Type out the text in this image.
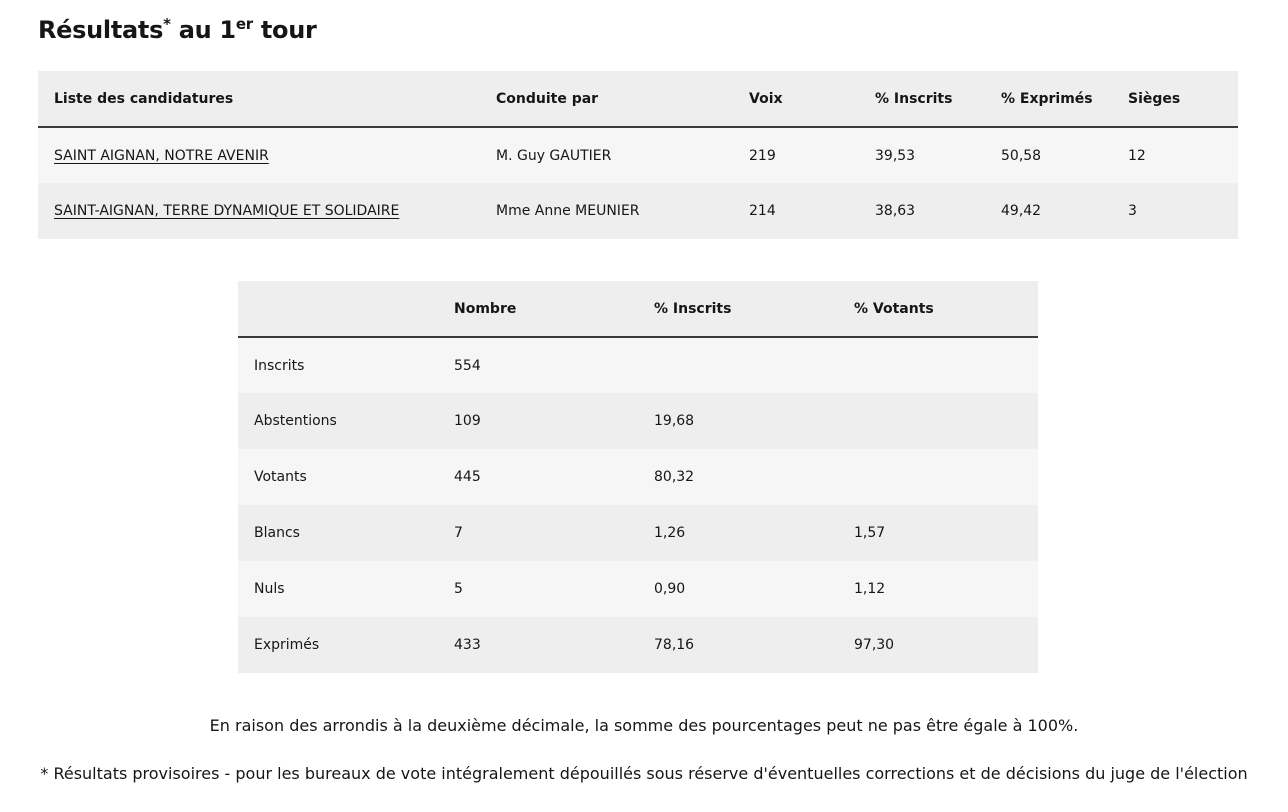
Résultats* au 1er tour
Liste des candidatures	Conduite par	Voix	% Inscrits	% Exprimés	Sièges
SAINT AIGNAN, NOTRE AVENIR	M. Guy GAUTIER	219	39,53	50,58	12
SAINT-AIGNAN, TERRE DYNAMIQUE ET SOLIDAIRE	Mme Anne MEUNIER	214	38,63	49,42	3
	Nombre	% Inscrits	% Votants
Inscrits	554		
Abstentions	109	19,68	
Votants	445	80,32	
Blancs	7	1,26	1,57
Nuls	5	0,90	1,12
Exprimés	433	78,16	97,30

En raison des arrondis à la deuxième décimale, la somme des pourcentages peut ne pas être égale à 100%.

* Résultats provisoires - pour les bureaux de vote intégralement dépouillés sous réserve d'éventuelles corrections et de décisions du juge de l'élection
